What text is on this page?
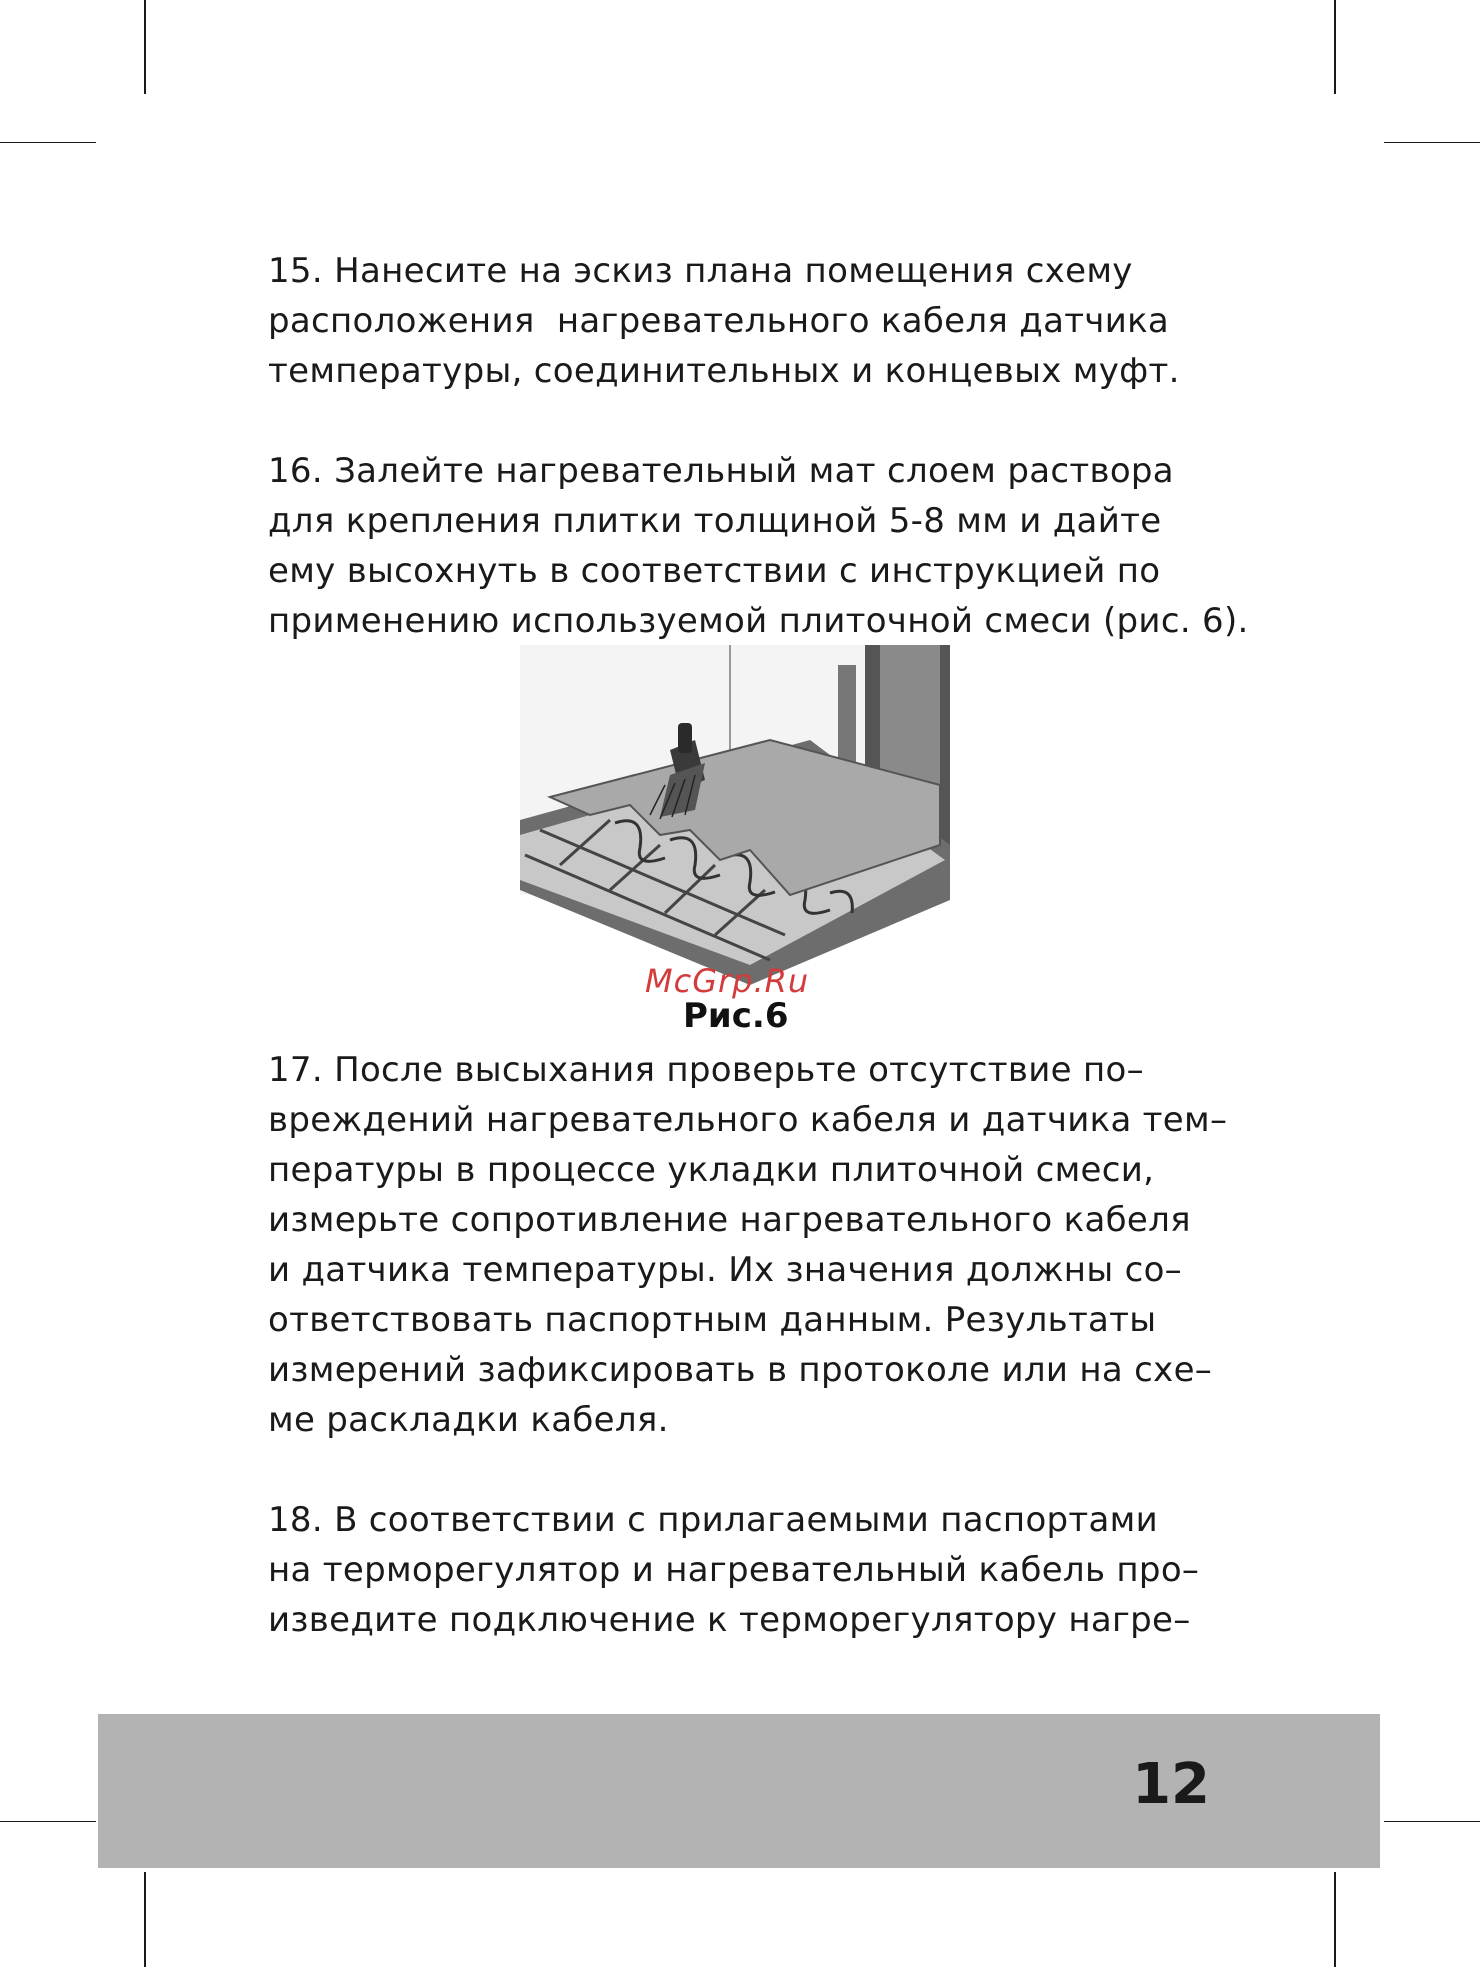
15. Нанесите на эскиз плана помещения схему
расположения  нагревательного кабеля датчика
температуры, соединительных и концевых муфт.
16. Залейте нагревательный мат слоем раствора
для крепления плитки толщиной 5-8 мм и дайте
ему высохнуть в соответствии с инструкцией по
применению используемой плиточной смеси (рис. 6).
McGrp.Ru
Рис.6
17. После высыхания проверьте отсутствие по–
вреждений нагревательного кабеля и датчика тем–
пературы в процессе укладки плиточной смеси,
измерьте сопротивление нагревательного кабеля
и датчика температуры. Их значения должны со–
ответствовать паспортным данным. Результаты
измерений зафиксировать в протоколе или на схе–
ме раскладки кабеля.
18. В соответствии с прилагаемыми паспортами
на терморегулятор и нагревательный кабель про–
изведите подключение к терморегулятору нагре–
12
